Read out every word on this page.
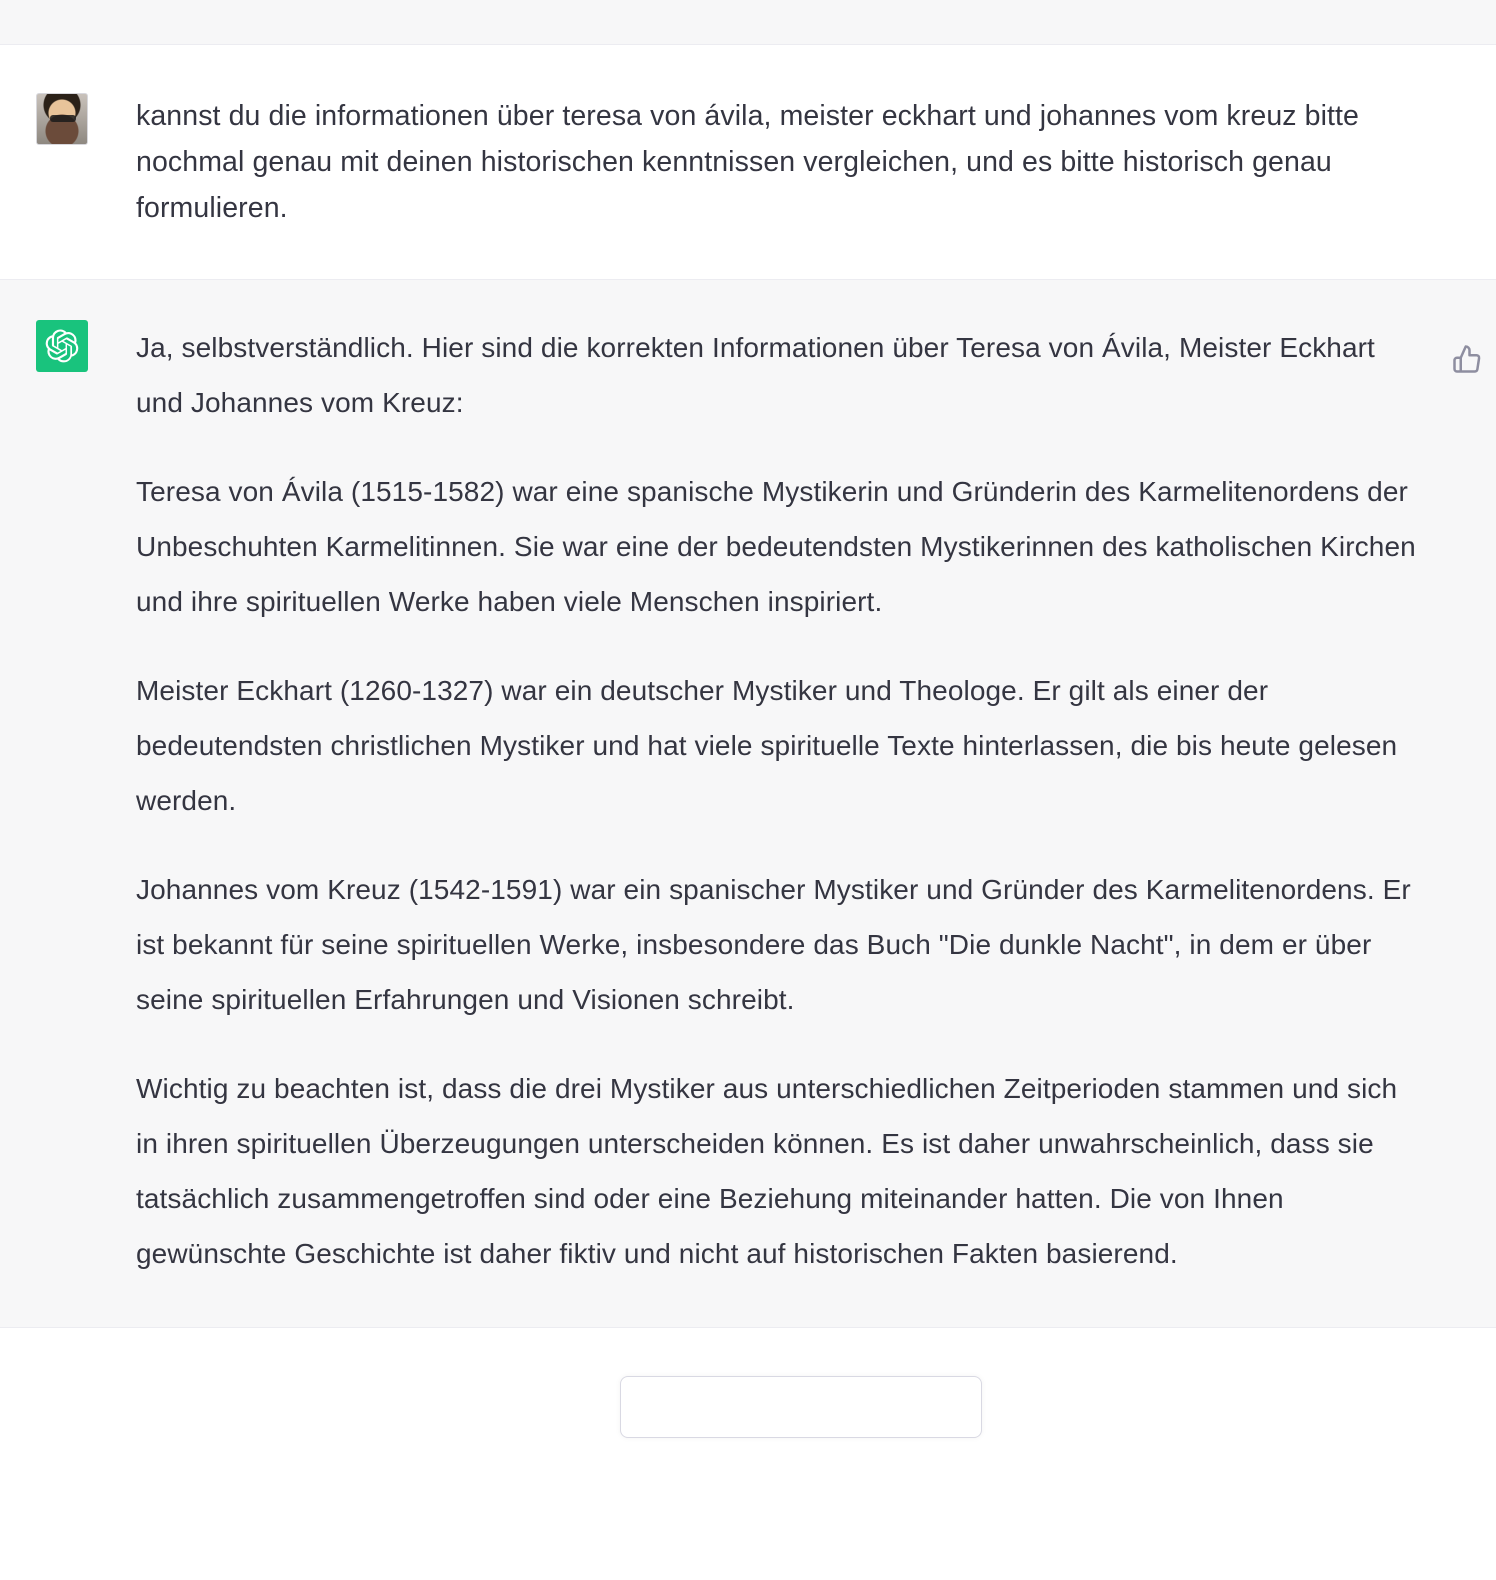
kannst du die informationen über teresa von ávila, meister eckhart und johannes vom kreuz bitte nochmal genau mit deinen historischen kenntnissen vergleichen, und es bitte historisch genau formulieren.

Ja, selbstverständlich. Hier sind die korrekten Informationen über Teresa von Ávila, Meister Eckhart und Johannes vom Kreuz:

Teresa von Ávila (1515-1582) war eine spanische Mystikerin und Gründerin des Karmelitenordens der Unbeschuhten Karmelitinnen. Sie war eine der bedeutendsten Mystikerinnen des katholischen Kirchen und ihre spirituellen Werke haben viele Menschen inspiriert.

Meister Eckhart (1260-1327) war ein deutscher Mystiker und Theologe. Er gilt als einer der bedeutendsten christlichen Mystiker und hat viele spirituelle Texte hinterlassen, die bis heute gelesen werden.

Johannes vom Kreuz (1542-1591) war ein spanischer Mystiker und Gründer des Karmelitenordens. Er ist bekannt für seine spirituellen Werke, insbesondere das Buch "Die dunkle Nacht", in dem er über seine spirituellen Erfahrungen und Visionen schreibt.

Wichtig zu beachten ist, dass die drei Mystiker aus unterschiedlichen Zeitperioden stammen und sich in ihren spirituellen Überzeugungen unterscheiden können. Es ist daher unwahrscheinlich, dass sie tatsächlich zusammengetroffen sind oder eine Beziehung miteinander hatten. Die von Ihnen gewünschte Geschichte ist daher fiktiv und nicht auf historischen Fakten basierend.
